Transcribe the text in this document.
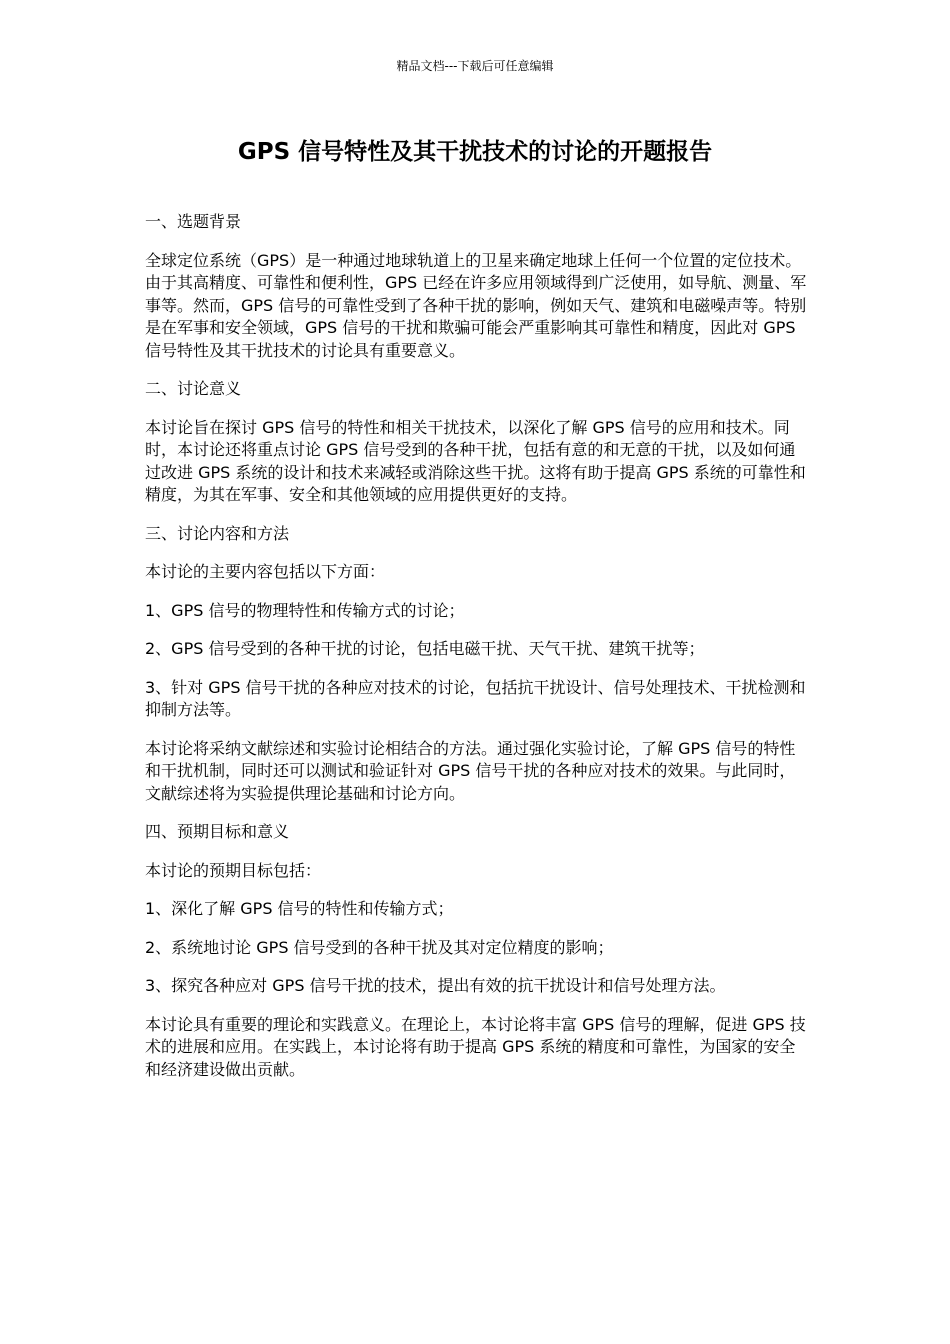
精品文档---下载后可任意编辑
GPS 信号特性及其干扰技术的讨论的开题报告

一、选题背景

全球定位系统（GPS）是一种通过地球轨道上的卫星来确定地球上任何一个位置的定位技术。由于其高精度、可靠性和便利性，GPS 已经在许多应用领域得到广泛使用，如导航、测量、军事等。然而，GPS 信号的可靠性受到了各种干扰的影响，例如天气、建筑和电磁噪声等。特别是在军事和安全领域，GPS 信号的干扰和欺骗可能会严重影响其可靠性和精度，因此对 GPS 信号特性及其干扰技术的讨论具有重要意义。

二、讨论意义

本讨论旨在探讨 GPS 信号的特性和相关干扰技术，以深化了解 GPS 信号的应用和技术。同时，本讨论还将重点讨论 GPS 信号受到的各种干扰，包括有意的和无意的干扰，以及如何通过改进 GPS 系统的设计和技术来减轻或消除这些干扰。这将有助于提高 GPS 系统的可靠性和精度，为其在军事、安全和其他领域的应用提供更好的支持。

三、讨论内容和方法

本讨论的主要内容包括以下方面：

1、GPS 信号的物理特性和传输方式的讨论；

2、GPS 信号受到的各种干扰的讨论，包括电磁干扰、天气干扰、建筑干扰等；

3、针对 GPS 信号干扰的各种应对技术的讨论，包括抗干扰设计、信号处理技术、干扰检测和抑制方法等。

本讨论将采纳文献综述和实验讨论相结合的方法。通过强化实验讨论，了解 GPS 信号的特性和干扰机制，同时还可以测试和验证针对 GPS 信号干扰的各种应对技术的效果。与此同时，文献综述将为实验提供理论基础和讨论方向。

四、预期目标和意义

本讨论的预期目标包括：

1、深化了解 GPS 信号的特性和传输方式；

2、系统地讨论 GPS 信号受到的各种干扰及其对定位精度的影响；

3、探究各种应对 GPS 信号干扰的技术，提出有效的抗干扰设计和信号处理方法。

本讨论具有重要的理论和实践意义。在理论上，本讨论将丰富 GPS 信号的理解，促进 GPS 技术的进展和应用。在实践上，本讨论将有助于提高 GPS 系统的精度和可靠性，为国家的安全和经济建设做出贡献。
